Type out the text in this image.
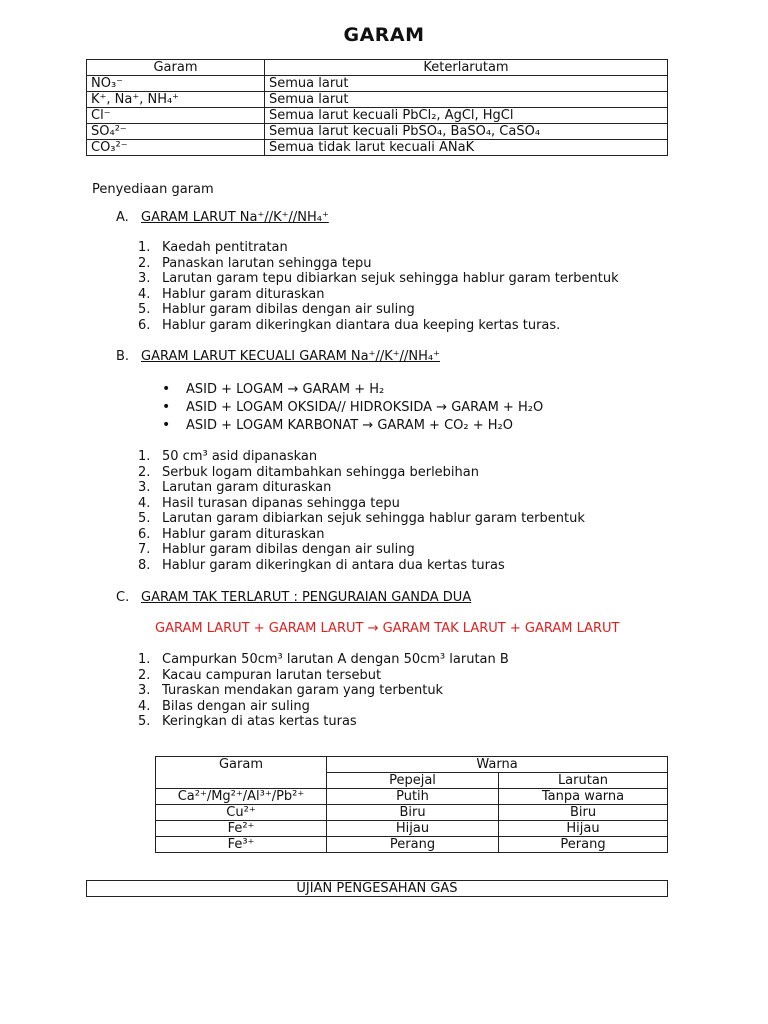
GARAM
Garam	Keterlarutam
NO₃⁻	Semua larut
K⁺, Na⁺, NH₄⁺	Semua larut
Cl⁻	Semua larut kecuali PbCl₂, AgCl, HgCl
SO₄²⁻	Semua larut kecuali PbSO₄, BaSO₄, CaSO₄
CO₃²⁻	Semua tidak larut kecuali ANaK
Penyediaan garam
A. GARAM LARUT Na⁺//K⁺//NH₄⁺
1. Kaedah pentitratan
2. Panaskan larutan sehingga tepu
3. Larutan garam tepu dibiarkan sejuk sehingga hablur garam terbentuk
4. Hablur garam dituraskan
5. Hablur garam dibilas dengan air suling
6. Hablur garam dikeringkan diantara dua keeping kertas turas.
B. GARAM LARUT KECUALI GARAM Na⁺//K⁺//NH₄⁺
• ASID + LOGAM → GARAM + H₂
• ASID + LOGAM OKSIDA// HIDROKSIDA → GARAM + H₂O
• ASID + LOGAM KARBONAT → GARAM + CO₂ + H₂O
1. 50 cm³ asid dipanaskan
2. Serbuk logam ditambahkan sehingga berlebihan
3. Larutan garam dituraskan
4. Hasil turasan dipanas sehingga tepu
5. Larutan garam dibiarkan sejuk sehingga hablur garam terbentuk
6. Hablur garam dituraskan
7. Hablur garam dibilas dengan air suling
8. Hablur garam dikeringkan di antara dua kertas turas
C. GARAM TAK TERLARUT : PENGURAIAN GANDA DUA
GARAM LARUT + GARAM LARUT → GARAM TAK LARUT + GARAM LARUT
1. Campurkan 50cm³ larutan A dengan 50cm³ larutan B
2. Kacau campuran larutan tersebut
3. Turaskan mendakan garam yang terbentuk
4. Bilas dengan air suling
5. Keringkan di atas kertas turas
Garam	Warna	
	Pepejal	Larutan
Ca²⁺/Mg²⁺/Al³⁺/Pb²⁺	Putih	Tanpa warna
Cu²⁺	Biru	Biru
Fe²⁺	Hijau	Hijau
Fe³⁺	Perang	Perang
UJIAN PENGESAHAN GAS
